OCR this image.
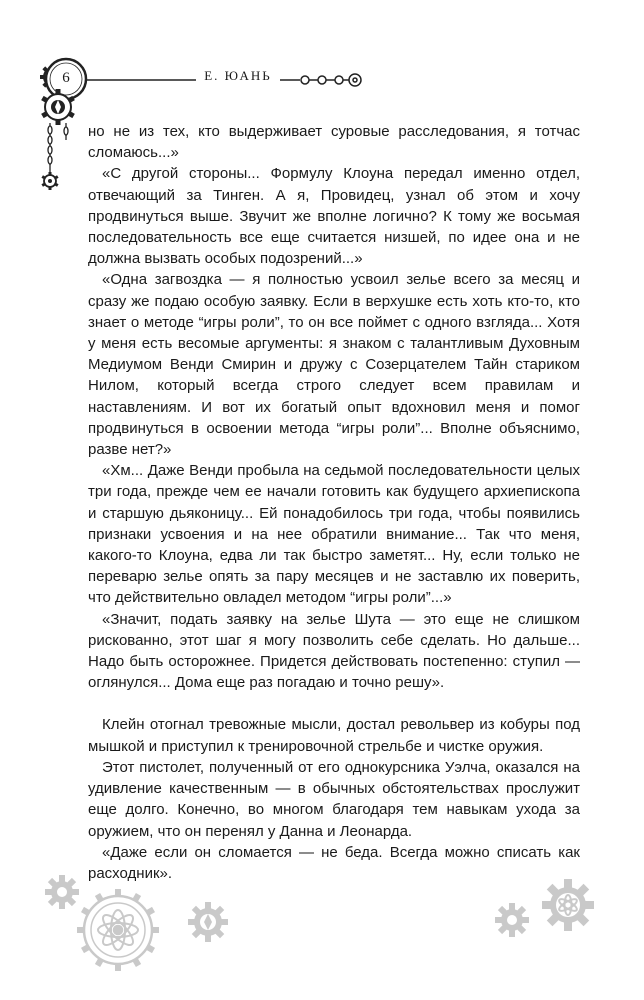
6	Е. ЮАНЬ

но не из тех, кто выдерживает суровые расследования, я тотчас сломаюсь...»

«С другой стороны... Формулу Клоуна передал именно отдел, отвечающий за Тинген. А я, Провидец, узнал об этом и хочу продвинуться выше. Звучит же вполне логично? К тому же восьмая последовательность все еще считается низшей, по идее она и не должна вызвать особых подозрений...»

«Одна загвоздка — я полностью усвоил зелье всего за месяц и сразу же подаю особую заявку. Если в верхушке есть хоть кто-то, кто знает о методе “игры роли”, то он все поймет с одного взгляда... Хотя у меня есть весомые аргументы: я знаком с талантливым Духовным Медиумом Венди Смирин и дружу с Созерцателем Тайн стариком Нилом, который всегда строго следует всем правилам и наставлениям. И вот их богатый опыт вдохновил меня и помог продвинуться в освоении метода “игры роли”... Вполне объяснимо, разве нет?»

«Хм... Даже Венди пробыла на седьмой последовательности целых три года, прежде чем ее начали готовить как будущего архиепископа и старшую дьяконицу... Ей понадобилось три года, чтобы появились признаки усвоения и на нее обратили внимание... Так что меня, какого-то Клоуна, едва ли так быстро заметят... Ну, если только не переварю зелье опять за пару месяцев и не заставлю их поверить, что действительно овладел методом “игры роли”...»

«Значит, подать заявку на зелье Шута — это еще не слишком рискованно, этот шаг я могу позволить себе сделать. Но дальше... Надо быть осторожнее. Придется действовать постепенно: ступил — оглянулся... Дома еще раз погадаю и точно решу».

Клейн отогнал тревожные мысли, достал револьвер из кобуры под мышкой и приступил к тренировочной стрельбе и чистке оружия.

Этот пистолет, полученный от его однокурсника Уэлча, оказался на удивление качественным — в обычных обстоятельствах прослужит еще долго. Конечно, во многом благодаря тем навыкам ухода за оружием, что он перенял у Данна и Леонарда.

«Даже если он сломается — не беда. Всегда можно списать как расходник».
